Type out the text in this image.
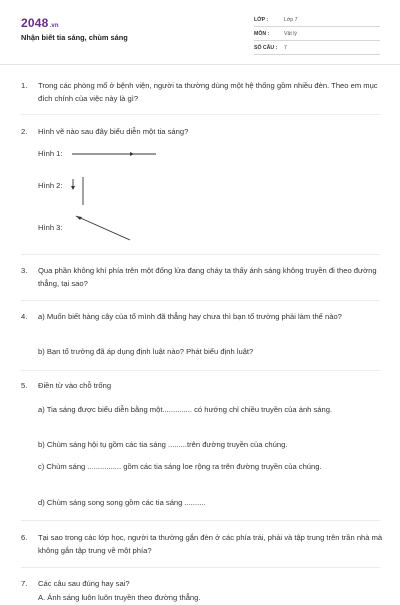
2048.vn
Nhận biết tia sáng, chùm sáng
LỚP :	Lớp 7
MÔN :	Vật lý
SỐ CÂU : 7
1.	Trong các phòng mổ ở bệnh viện, người ta thường dùng một hệ thống gồm nhiều đèn. Theo em mục đích chính của việc này là gì?
2.	Hình vẽ nào sau đây biểu diễn một tia sáng?
Hình 1:
Hình 2:
Hình 3:
3.	Qua phần không khí phía trên một đống lửa đang cháy ta thấy ánh sáng không truyền đi theo đường thẳng, tại sao?
4.	a) Muốn biết hàng cây của tổ mình đã thẳng hay chưa thì bạn tổ trưởng phải làm thế nào?
b) Bạn tổ trưởng đã áp dụng định luật nào? Phát biểu định luật?
5.	Điền từ vào chỗ trống
a) Tia sáng được biểu diễn bằng một.............. có hướng chỉ chiều truyền của ánh sáng.
b) Chùm sáng hội tụ gồm các tia sáng .........trên đường truyền của chúng.
c) Chùm sáng ................ gồm các tia sáng loe rộng ra trên đường truyền của chúng.
d) Chùm sáng song song gồm các tia sáng ..........
6.	Tại sao trong các lớp học, người ta thường gắn đèn ở các phía trái, phải và tập trung trên trần nhà mà không gắn tập trung về một phía?
7.	Các câu sau đúng hay sai?
A. Ánh sáng luôn luôn truyền theo đường thẳng.
